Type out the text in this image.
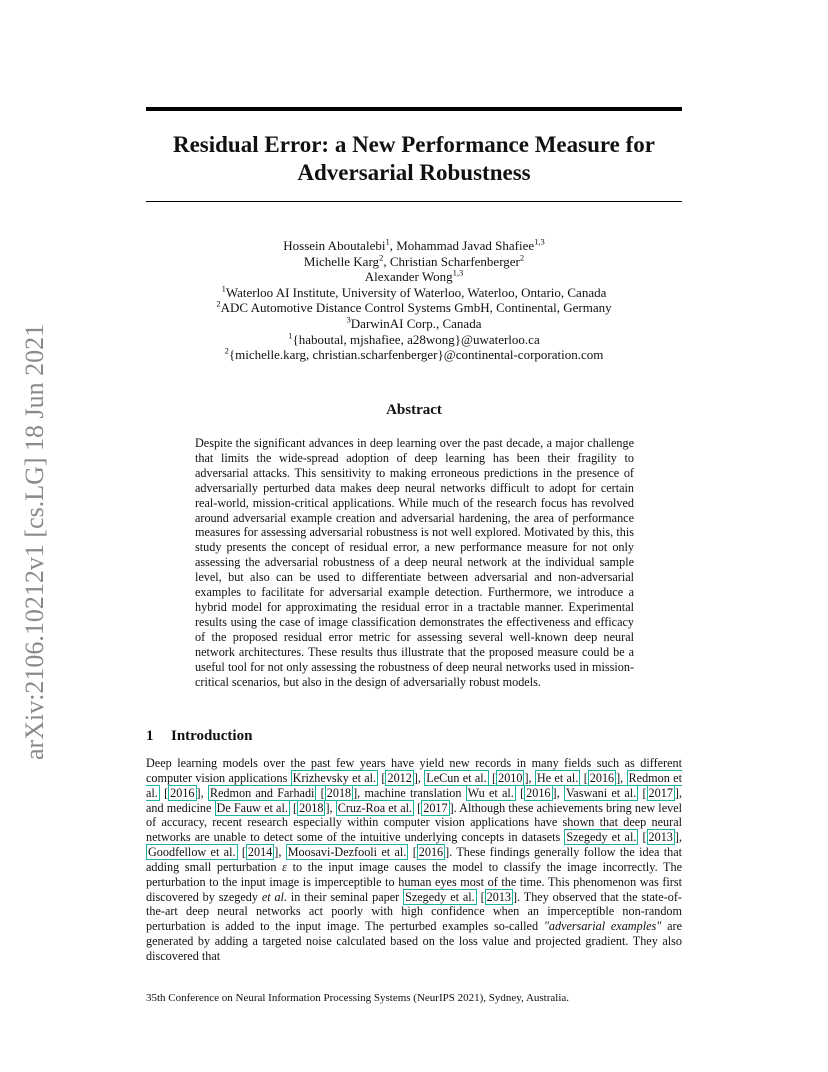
arXiv:2106.10212v1 [cs.LG] 18 Jun 2021
Residual Error: a New Performance Measure for Adversarial Robustness
Hossein Aboutalebi$^1$, Mohammad Javad Shafiee$^{1,3}$
Michelle Karg$^2$, Christian Scharfenberger$^2$
Alexander Wong$^{1,3}$
$^1$Waterloo AI Institute, University of Waterloo, Waterloo, Ontario, Canada
$^2$ADC Automotive Distance Control Systems GmbH, Continental, Germany
$^3$DarwinAI Corp., Canada
$^1${haboutal, mjshafiee, a28wong}@uwaterloo.ca
$^2${michelle.karg, christian.scharfenberger}@continental-corporation.com
Abstract

Despite the significant advances in deep learning over the past decade, a major challenge that limits the wide-spread adoption of deep learning has been their fragility to adversarial attacks. This sensitivity to making erroneous predictions in the presence of adversarially perturbed data makes deep neural networks difficult to adopt for certain real-world, mission-critical applications. While much of the research focus has revolved around adversarial example creation and adversarial hardening, the area of performance measures for assessing adversarial robustness is not well explored. Motivated by this, this study presents the concept of residual error, a new performance measure for not only assessing the adversarial robustness of a deep neural network at the individual sample level, but also can be used to differentiate between adversarial and non-adversarial examples to facilitate for adversarial example detection. Furthermore, we introduce a hybrid model for approximating the residual error in a tractable manner. Experimental results using the case of image classification demonstrates the effectiveness and efficacy of the proposed residual error metric for assessing several well-known deep neural network architectures. These results thus illustrate that the proposed measure could be a useful tool for not only assessing the robustness of deep neural networks used in mission-critical scenarios, but also in the design of adversarially robust models.

1 Introduction

Deep learning models over the past few years have yield new records in many fields such as different computer vision applications Krizhevsky et al. [ 2012 ], LeCun et al. [ 2010 ], He et al. [ 2016 ], Redmon et al. [ 2016 ], Redmon and Farhadi [ 2018 ], machine translation Wu et al. [ 2016 ], Vaswani et al. [ 2017 ], and medicine De Fauw et al. [ 2018 ], Cruz-Roa et al. [ 2017 ]. Although these achievements bring new level of accuracy, recent research especially within computer vision applications have shown that deep neural networks are unable to detect some of the intuitive underlying concepts in datasets Szegedy et al. [ 2013 ], Goodfellow et al. [ 2014 ], Moosavi-Dezfooli et al. [ 2016 ]. These findings generally follow the idea that adding small perturbation ε to the input image causes the model to classify the image incorrectly. The perturbation to the input image is imperceptible to human eyes most of the time. This phenomenon was first discovered by szegedy et al. in their seminal paper Szegedy et al. [ 2013 ]. They observed that the state-of-the-art deep neural networks act poorly with high confidence when an imperceptible non-random perturbation is added to the input image. The perturbed examples so-called "adversarial examples" are generated by adding a targeted noise calculated based on the loss value and projected gradient. They also discovered that

35th Conference on Neural Information Processing Systems (NeurIPS 2021), Sydney, Australia.
